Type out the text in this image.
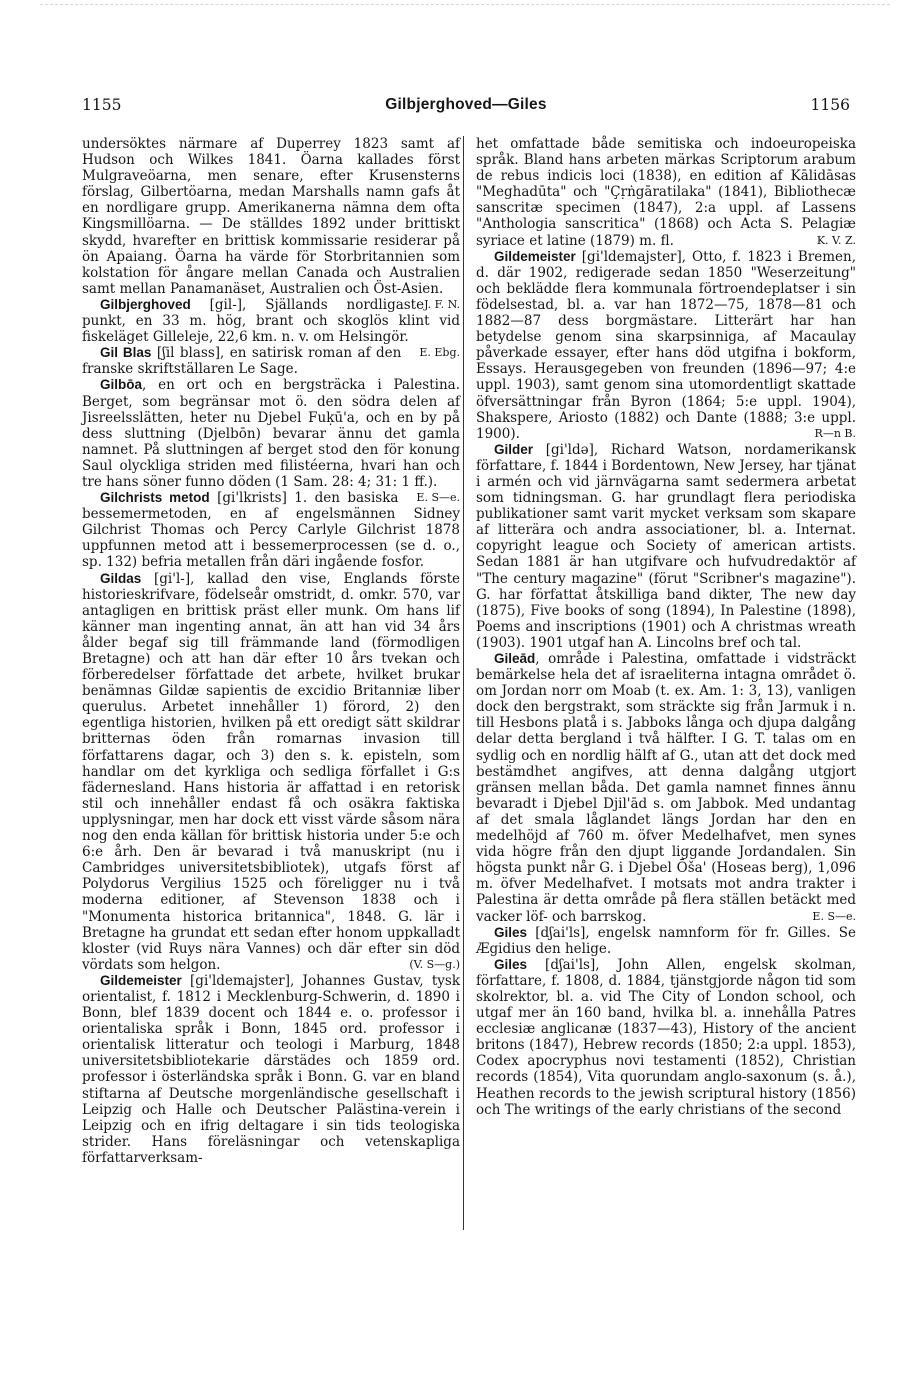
1155	Gilbjerghoved—Giles	1156

undersöktes närmare af Duperrey 1823 samt af Hudson och Wilkes 1841. Öarna kallades först Mulgraveöarna, men senare, efter Krusensterns förslag, Gilbertöarna, medan Marshalls namn gafs åt en nordligare grupp. Amerikanerna nämna dem ofta Kingsmillöarna. — De ställdes 1892 under brittiskt skydd, hvarefter en brittisk kommissarie residerar på ön Apaiang. Öarna ha värde för Storbritannien som kolstation för ångare mellan Canada och Australien samt mellan Panamanäset, Australien och Öst-Asien.
J. F. N.

Gilbjerghoved [gil-], Själlands nordligaste punkt, en 33 m. hög, brant och skoglös klint vid fiskeläget Gilleleje, 22,6 km. n. v. om Helsingör.
E. Ebg.

Gil Blas [ʃil blass], en satirisk roman af den franske skriftställaren Le Sage.

Gilbōa, en ort och en bergsträcka i Palestina. Berget, som begränsar mot ö. den södra delen af Jisreelsslätten, heter nu Djebel Fuḳū'a, och en by på dess sluttning (Djelbōn) bevarar ännu det gamla namnet. På sluttningen af berget stod den för konung Saul olyckliga striden med filistéerna, hvari han och tre hans söner funno döden (1 Sam. 28: 4; 31: 1 ff.).
E. S—e.

Gilchrists metod [gi'lkrists] 1. den basiska bessemermetoden, en af engelsmännen Sidney Gilchrist Thomas och Percy Carlyle Gilchrist 1878 uppfunnen metod att i bessemerprocessen (se d. o., sp. 132) befria metallen från däri ingående fosfor.

Gildas [gi'l-], kallad den vise, Englands förste historieskrifvare, födelseår omstridt, d. omkr. 570, var antagligen en brittisk präst eller munk. Om hans lif känner man ingenting annat, än att han vid 34 års ålder begaf sig till främmande land (förmodligen Bretagne) och att han där efter 10 års tvekan och förberedelser författade det arbete, hvilket brukar benämnas Gildæ sapientis de excidio Britanniæ liber querulus. Arbetet innehåller 1) förord, 2) den egentliga historien, hvilken på ett oredigt sätt skildrar britternas öden från romarnas invasion till författarens dagar, och 3) den s. k. episteln, som handlar om det kyrkliga och sedliga förfallet i G:s fädernesland. Hans historia är affattad i en retorisk stil och innehåller endast få och osäkra faktiska upplysningar, men har dock ett visst värde såsom nära nog den enda källan för brittisk historia under 5:e och 6:e årh. Den är bevarad i två manuskript (nu i Cambridges universitetsbibliotek), utgafs först af Polydorus Vergilius 1525 och föreligger nu i två moderna editioner, af Stevenson 1838 och i "Monumenta historica britannica", 1848. G. lär i Bretagne ha grundat ett sedan efter honom uppkalladt kloster (vid Ruys nära Vannes) och där efter sin död vördats som helgon.	(V. S—g.)

Gildemeister [gi'ldemajster], Johannes Gustav, tysk orientalist, f. 1812 i Mecklenburg-Schwerin, d. 1890 i Bonn, blef 1839 docent och 1844 e. o. professor i orientaliska språk i Bonn, 1845 ord. professor i orientalisk litteratur och teologi i Marburg, 1848 universitetsbibliotekarie därstädes och 1859 ord. professor i österländska språk i Bonn. G. var en bland stiftarna af Deutsche morgenländische gesellschaft i Leipzig och Halle och Deutscher Palästina-verein i Leipzig och en ifrig deltagare i sin tids teologiska strider. Hans föreläsningar och vetenskapliga författarverksam-

het omfattade både semitiska och indoeuropeiska språk. Bland hans arbeten märkas Scriptorum arabum de rebus indicis loci (1838), en edition af Kālidāsas "Meghadūta" och "Çṛṅgāratilaka" (1841), Bibliothecæ sanscritæ specimen (1847), 2:a uppl. af Lassens "Anthologia sanscritica" (1868) och Acta S. Pelagiæ syriace et latine (1879) m. fl.	K. V. Z.

Gildemeister [gi'ldemajster], Otto, f. 1823 i Bremen, d. där 1902, redigerade sedan 1850 "Weserzeitung" och beklädde flera kommunala förtroendeplatser i sin födelsestad, bl. a. var han 1872—75, 1878—81 och 1882—87 dess borgmästare. Litterärt har han betydelse genom sina skarpsinniga, af Macaulay påverkade essayer, efter hans död utgifna i bokform, Essays. Herausgegeben von freunden (1896—97; 4:e uppl. 1903), samt genom sina utomordentligt skattade öfversättningar från Byron (1864; 5:e uppl. 1904), Shakspere, Ariosto (1882) och Dante (1888; 3:e uppl. 1900).	R—n B.

Gilder [gi'ldə], Richard Watson, nordamerikansk författare, f. 1844 i Bordentown, New Jersey, har tjänat i armén och vid järnvägarna samt sedermera arbetat som tidningsman. G. har grundlagt flera periodiska publikationer samt varit mycket verksam som skapare af litterära och andra associationer, bl. a. Internat. copyright league och Society of american artists. Sedan 1881 är han utgifvare och hufvudredaktör af "The century magazine" (förut "Scribner's magazine"). G. har författat åtskilliga band dikter, The new day (1875), Five books of song (1894), In Palestine (1898), Poems and inscriptions (1901) och A christmas wreath (1903). 1901 utgaf han A. Lincolns bref och tal.

Gileād, område i Palestina, omfattade i vidsträckt bemärkelse hela det af israeliterna intagna området ö. om Jordan norr om Moab (t. ex. Am. 1: 3, 13), vanligen dock den bergstrakt, som sträckte sig från Jarmuk i n. till Hesbons platå i s. Jabboks långa och djupa dalgång delar detta bergland i två hälfter. I G. T. talas om en sydlig och en nordlig hälft af G., utan att det dock med bestämdhet angifves, att denna dalgång utgjort gränsen mellan båda. Det gamla namnet finnes ännu bevaradt i Djebel Djil'ād s. om Jabbok. Med undantag af det smala låglandet längs Jordan har den en medelhöjd af 760 m. öfver Medelhafvet, men synes vida högre från den djupt liggande Jordandalen. Sin högsta punkt når G. i Djebel Ōša' (Hoseas berg), 1,096 m. öfver Medelhafvet. I motsats mot andra trakter i Palestina är detta område på flera ställen betäckt med vacker löf- och barrskog.	E. S—e.

Giles [dʃai'ls], engelsk namnform för fr. Gilles. Se Ægidius den helige.

Giles [dʃai'ls], John Allen, engelsk skolman, författare, f. 1808, d. 1884, tjänstgjorde någon tid som skolrektor, bl. a. vid The City of London school, och utgaf mer än 160 band, hvilka bl. a. innehålla Patres ecclesiæ anglicanæ (1837—43), History of the ancient britons (1847), Hebrew records (1850; 2:a uppl. 1853), Codex apocryphus novi testamenti (1852), Christian records (1854), Vita quorundam anglo-saxonum (s. å.), Heathen records to the jewish scriptural history (1856) och The writings of the early christians of the second
